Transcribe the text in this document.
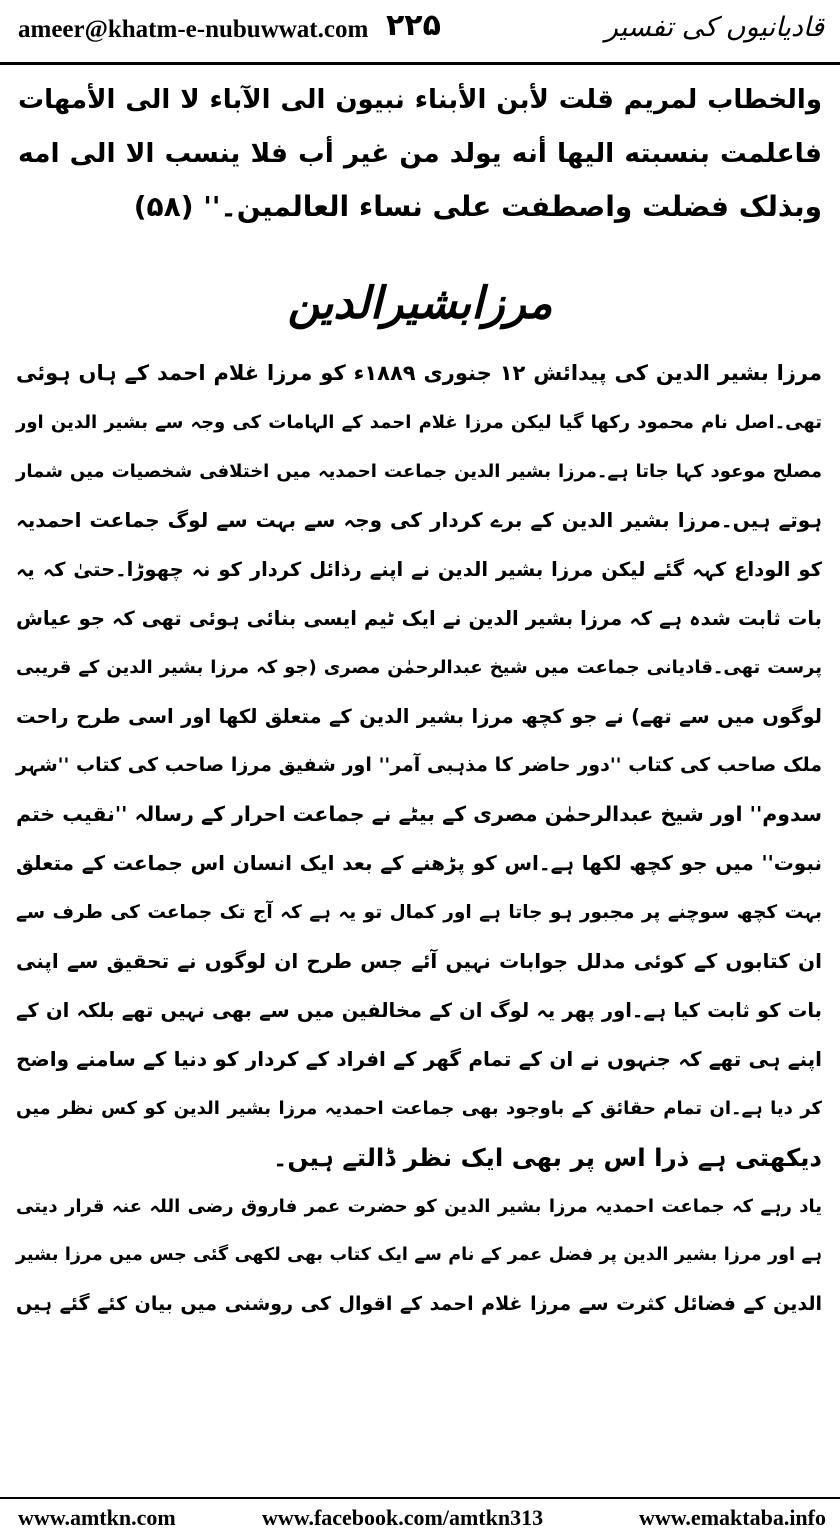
ameer@khatm-e-nubuwwat.com ۲۲۵	قادیانیوں کی تفسیر
والخطاب لمریم قلت لأبن الأبناء نبیون الی الآباء لا الی الأمهات
فاعلمت بنسبته الیها أنه یولد من غیر أب فلا ینسب الا الی امه
وبذلک فضلت واصطفت علی نساء العالمین۔'' (۵۸)
مرزابشیرالدین
مرزا بشیر الدین کی پیدائش ۱۲ جنوری ۱۸۸۹ء کو مرزا غلام احمد کے ہاں ہوئی
تھی۔اصل نام محمود رکھا گیا لیکن مرزا غلام احمد کے الہامات کی وجہ سے بشیر الدین اور
مصلح موعود کہا جاتا ہے۔مرزا بشیر الدین جماعت احمدیہ میں اختلافی شخصیات میں شمار
ہوتے ہیں۔مرزا بشیر الدین کے برے کردار کی وجہ سے بہت سے لوگ جماعت احمدیہ
کو الوداع کہہ گئے لیکن مرزا بشیر الدین نے اپنے رذائل کردار کو نہ چھوڑا۔حتیٰ کہ یہ
بات ثابت شدہ ہے کہ مرزا بشیر الدین نے ایک ٹیم ایسی بنائی ہوئی تھی کہ جو عیاش
پرست تھی۔قادیانی جماعت میں شیخ عبدالرحمٰن مصری (جو کہ مرزا بشیر الدین کے قریبی
لوگوں میں سے تھے) نے جو کچھ مرزا بشیر الدین کے متعلق لکھا اور اسی طرح راحت
ملک صاحب کی کتاب ''دور حاضر کا مذہبی آمر'' اور شفیق مرزا صاحب کی کتاب ''شہر
سدوم'' اور شیخ عبدالرحمٰن مصری کے بیٹے نے جماعت احرار کے رسالہ ''نقیب ختم
نبوت'' میں جو کچھ لکھا ہے۔اس کو پڑھنے کے بعد ایک انسان اس جماعت کے متعلق
بہت کچھ سوچنے پر مجبور ہو جاتا ہے اور کمال تو یہ ہے کہ آج تک جماعت کی طرف سے
ان کتابوں کے کوئی مدلل جوابات نہیں آئے جس طرح ان لوگوں نے تحقیق سے اپنی
بات کو ثابت کیا ہے۔اور پھر یہ لوگ ان کے مخالفین میں سے بھی نہیں تھے بلکہ ان کے
اپنے ہی تھے کہ جنہوں نے ان کے تمام گھر کے افراد کے کردار کو دنیا کے سامنے واضح
کر دیا ہے۔ان تمام حقائق کے باوجود بھی جماعت احمدیہ مرزا بشیر الدین کو کس نظر میں
دیکھتی ہے ذرا اس پر بھی ایک نظر ڈالتے ہیں۔
یاد رہے کہ جماعت احمدیہ مرزا بشیر الدین کو حضرت عمر فاروق رضی اللہ عنہ قرار دیتی
ہے اور مرزا بشیر الدین پر فضل عمر کے نام سے ایک کتاب بھی لکھی گئی جس میں مرزا بشیر
الدین کے فضائل کثرت سے مرزا غلام احمد کے اقوال کی روشنی میں بیان کئے گئے ہیں
www.amtkn.com	www.facebook.com/amtkn313	www.emaktaba.info
